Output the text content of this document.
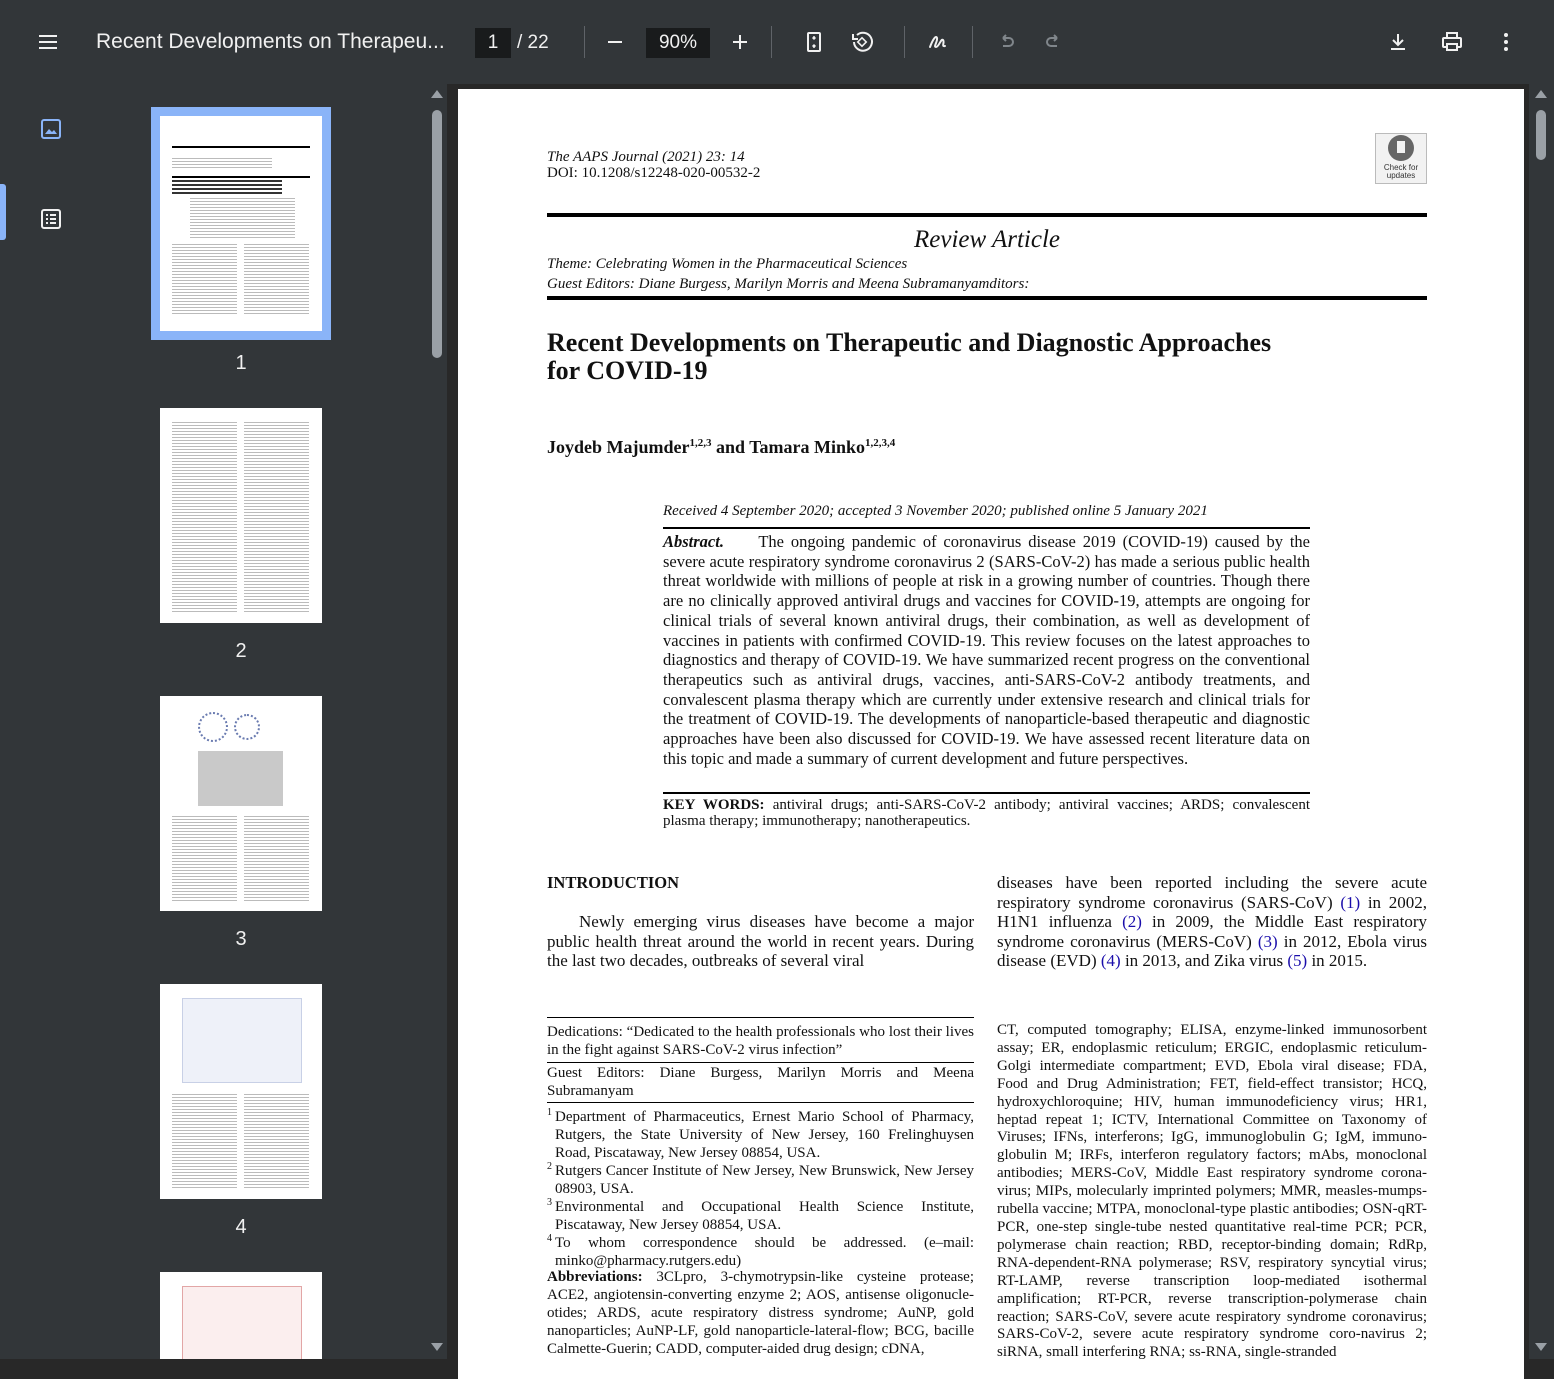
Recent Developments on Therapeu...	1 / 22	90%
1
2
3
4
The AAPS Journal (2021) 23: 14
DOI: 10.1208/s12248-020-00532-2	Check for updates
Review Article
Theme: Celebrating Women in the Pharmaceutical Sciences
Guest Editors: Diane Burgess, Marilyn Morris and Meena Subramanyamditors:
Recent Developments on Therapeutic and Diagnostic Approaches for COVID-19
Joydeb Majumder$^{1,2,3}$ and Tamara Minko$^{1,2,3,4}$
Received 4 September 2020; accepted 3 November 2020; published online 5 January 2021
Abstract. The ongoing pandemic of coronavirus disease 2019 (COVID-19) caused by the severe acute respiratory syndrome coronavirus 2 (SARS-CoV-2) has made a serious public health threat worldwide with millions of people at risk in a growing number of countries. Though there are no clinically approved antiviral drugs and vaccines for COVID-19, attempts are ongoing for clinical trials of several known antiviral drugs, their combination, as well as development of vaccines in patients with confirmed COVID-19. This review focuses on the latest approaches to diagnostics and therapy of COVID-19. We have summarized recent progress on the conventional therapeutics such as antiviral drugs, vaccines, anti-SARS-CoV-2 antibody treatments, and convalescent plasma therapy which are currently under extensive research and clinical trials for the treatment of COVID-19. The developments of nanoparticle-based therapeutic and diagnostic approaches have been also discussed for COVID-19. We have assessed recent literature data on this topic and made a summary of current development and future perspectives.
KEY WORDS: antiviral drugs; anti-SARS-CoV-2 antibody; antiviral vaccines; ARDS; convalescent plasma therapy; immunotherapy; nanotherapeutics.
INTRODUCTION
Newly emerging virus diseases have become a major public health threat around the world in recent years. During the last two decades, outbreaks of several viral
diseases have been reported including the severe acute respiratory syndrome coronavirus (SARS-CoV) (1) in 2002, H1N1 influenza (2) in 2009, the Middle East respiratory syndrome coronavirus (MERS-CoV) (3) in 2012, Ebola virus disease (EVD) (4) in 2013, and Zika virus (5) in 2015.
Dedications: “Dedicated to the health professionals who lost their lives in the fight against SARS-CoV-2 virus infection”
Guest Editors: Diane Burgess, Marilyn Morris and Meena Subramanyam
1 Department of Pharmaceutics, Ernest Mario School of Pharmacy, Rutgers, the State University of New Jersey, 160 Frelinghuysen Road, Piscataway, New Jersey 08854, USA.
2 Rutgers Cancer Institute of New Jersey, New Brunswick, New Jersey 08903, USA.
3 Environmental and Occupational Health Science Institute, Piscataway, New Jersey 08854, USA.
4 To whom correspondence should be addressed. (e–mail: minko@pharmacy.rutgers.edu)
Abbreviations: 3CLpro, 3-chymotrypsin-like cysteine protease; ACE2, angiotensin-converting enzyme 2; AOS, antisense oligonucle-otides; ARDS, acute respiratory distress syndrome; AuNP, gold nanoparticles; AuNP-LF, gold nanoparticle-lateral-flow; BCG, bacille Calmette-Guerin; CADD, computer-aided drug design; cDNA,
CT, computed tomography; ELISA, enzyme-linked immunosorbent assay; ER, endoplasmic reticulum; ERGIC, endoplasmic reticulum-Golgi intermediate compartment; EVD, Ebola viral disease; FDA, Food and Drug Administration; FET, field-effect transistor; HCQ, hydroxychloroquine; HIV, human immunodeficiency virus; HR1, heptad repeat 1; ICTV, International Committee on Taxonomy of Viruses; IFNs, interferons; IgG, immunoglobulin G; IgM, immuno-globulin M; IRFs, interferon regulatory factors; mAbs, monoclonal antibodies; MERS-CoV, Middle East respiratory syndrome corona-virus; MIPs, molecularly imprinted polymers; MMR, measles-mumps-rubella vaccine; MTPA, monoclonal-type plastic antibodies; OSN-qRT-PCR, one-step single-tube nested quantitative real-time PCR; PCR, polymerase chain reaction; RBD, receptor-binding domain; RdRp, RNA-dependent-RNA polymerase; RSV, respiratory syncytial virus; RT-LAMP, reverse transcription loop-mediated isothermal amplification; RT-PCR, reverse transcription-polymerase chain reaction; SARS-CoV, severe acute respiratory syndrome coronavirus; SARS-CoV-2, severe acute respiratory syndrome coro-navirus 2; siRNA, small interfering RNA; ss-RNA, single-stranded
